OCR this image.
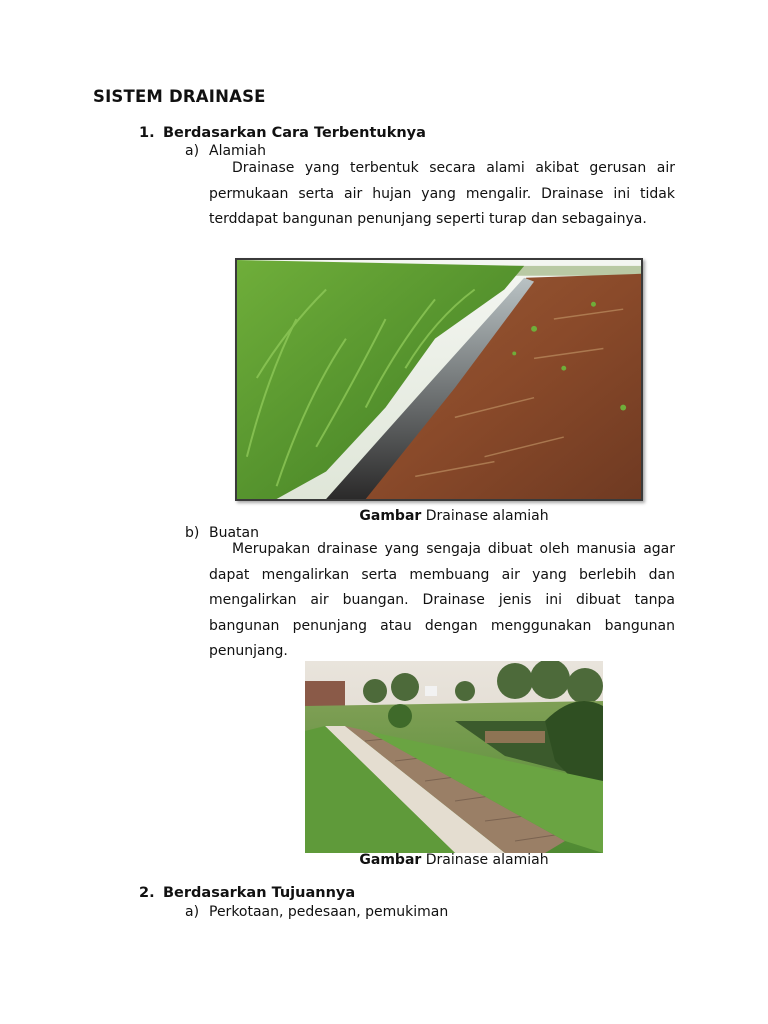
SISTEM DRAINASE

1. Berdasarkan Cara Terbentuknya

a) Alamiah

Drainase yang terbentuk secara alami akibat gerusan air permukaan serta air hujan yang mengalir. Drainase ini tidak terddapat bangunan penunjang seperti turap dan sebagainya.

Gambar Drainase alamiah

b) Buatan

Merupakan drainase yang sengaja dibuat oleh manusia agar dapat mengalirkan serta membuang air yang berlebih dan mengalirkan air buangan. Drainase jenis ini dibuat tanpa bangunan penunjang atau dengan menggunakan bangunan penunjang.

Gambar Drainase alamiah

2. Berdasarkan Tujuannya

a) Perkotaan, pedesaan, pemukiman
